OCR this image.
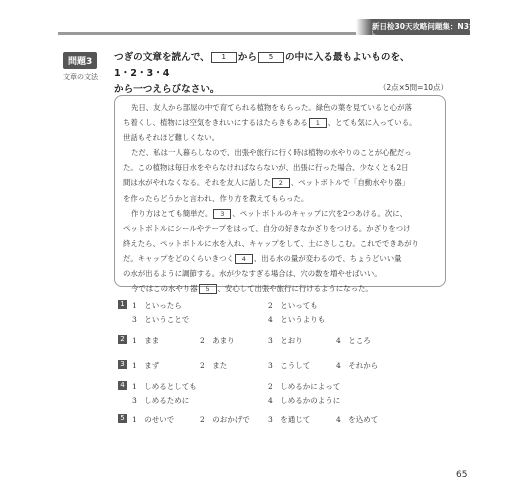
新日检30天攻略问题集：N3文法
問題3
文章の文法
つぎの文章を読んで、 1 から 5 の中に入る最もよいものを、1・2・3・4
から一つえらびなさい。	（2点×5問=10点）
先日、友人から部屋の中で育てられる植物をもらった。緑色の葉を見ていると心が落
ち着くし、植物には空気をきれいにするはたらきもある 1 、とても気に入っている。
世話もそれほど難しくない。
ただ、私は一人暮らしなので、出張や旅行に行く時は植物の水やりのことが心配だっ
た。この植物は毎日水をやらなければならないが、出張に行った場合、少なくとも2日
間は水がやれなくなる。それを友人に話した 2 、ペットボトルで「自動水やり器」
を作ったらどうかと言われ、作り方を教えてもらった。
作り方はとても簡単だ。 3 、ペットボトルのキャップに穴を2つあける。次に、
ペットボトルにシールやテープをはって、自分の好きなかざりをつける。かざりをつけ
終えたら、ペットボトルに水を入れ、キャップをして、土にさしこむ。これでできあがり
だ。キャップをどのくらいきつく 4 、出る水の量が変わるので、ちょうどいい量
の水が出るように調節する。水が少なすぎる場合は、穴の数を増やせばいい。
今ではこの水やり器 5 、安心して出張や旅行に行けるようになった。
1 1　といったら	2　といっても
3　ということで	4　というよりも
2 1　まま	2　あまり	3　とおり	4　ところ
3 1　まず	2　また	3　こうして	4　それから
4 1　しめるとしても	2　しめるかによって
3　しめるために	4　しめるかのように
5 1　のせいで	2　のおかげで 3　を通じて	4　を込めて
65
